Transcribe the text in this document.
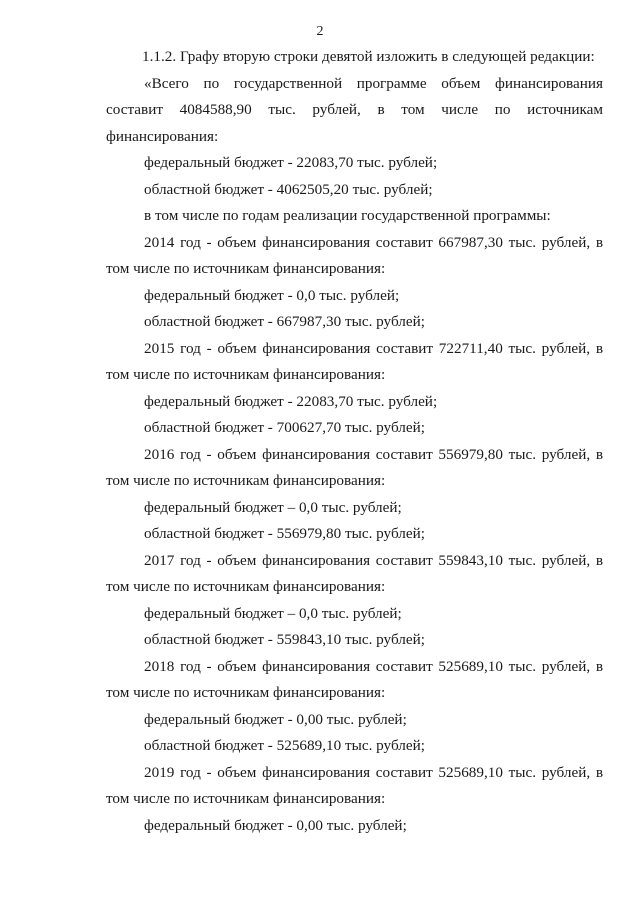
2

1.1.2. Графу вторую строки девятой изложить в следующей редакции:

«Всего по государственной программе объем финансирования составит 4084588,90 тыс. рублей, в том числе по источникам финансирования:

федеральный бюджет - 22083,70 тыс. рублей;

областной бюджет - 4062505,20 тыс. рублей;

в том числе по годам реализации государственной программы:

2014 год - объем финансирования составит 667987,30 тыс. рублей, в том числе по источникам финансирования:

федеральный бюджет - 0,0 тыс. рублей;

областной бюджет - 667987,30 тыс. рублей;

2015 год - объем финансирования составит 722711,40 тыс. рублей, в том числе по источникам финансирования:

федеральный бюджет - 22083,70 тыс. рублей;

областной бюджет - 700627,70 тыс. рублей;

2016 год - объем финансирования составит 556979,80 тыс. рублей, в том числе по источникам финансирования:

федеральный бюджет – 0,0 тыс. рублей;

областной бюджет - 556979,80 тыс. рублей;

2017 год - объем финансирования составит 559843,10 тыс. рублей, в том числе по источникам финансирования:

федеральный бюджет – 0,0 тыс. рублей;

областной бюджет - 559843,10 тыс. рублей;

2018 год - объем финансирования составит 525689,10 тыс. рублей, в том числе по источникам финансирования:

федеральный бюджет - 0,00 тыс. рублей;

областной бюджет - 525689,10 тыс. рублей;

2019 год - объем финансирования составит 525689,10 тыс. рублей, в том числе по источникам финансирования:

федеральный бюджет - 0,00 тыс. рублей;
